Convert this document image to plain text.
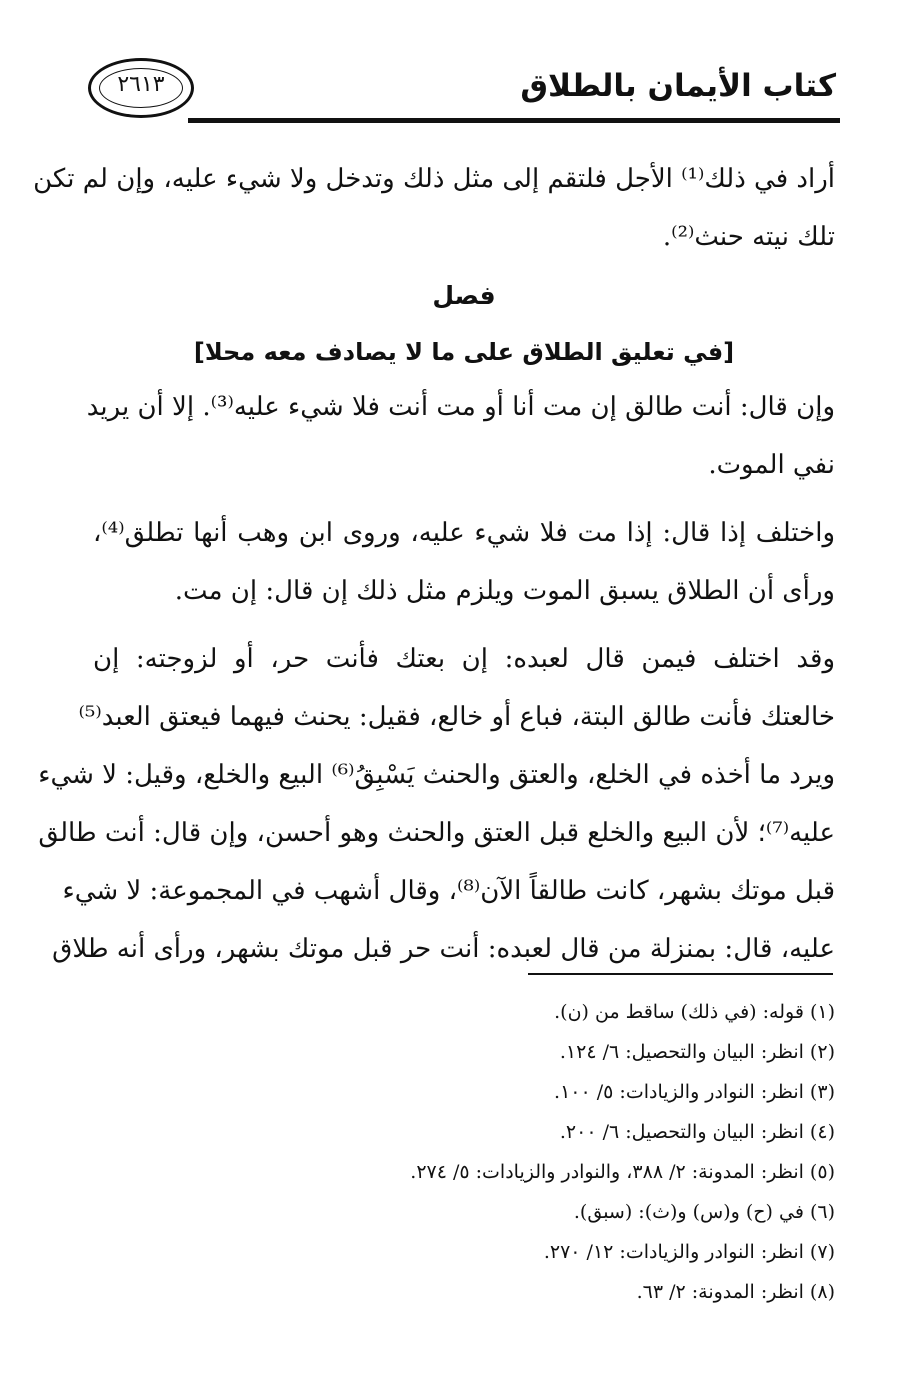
٢٦١٣	كتاب الأيمان بالطلاق
أراد في ذلك⁽¹⁾ الأجل فلتقم إلى مثل ذلك وتدخل ولا شيء عليه، وإن لم تكن
تلك نيته حنث⁽²⁾.
فصل
[في تعليق الطلاق على ما لا يصادف معه محلا]
وإن قال: أنت طالق إن مت أنا أو مت أنت فلا شيء عليه⁽³⁾. إلا أن يريد
نفي الموت.
واختلف إذا قال: إذا مت فلا شيء عليه، وروى ابن وهب أنها تطلق⁽⁴⁾،
ورأى أن الطلاق يسبق الموت ويلزم مثل ذلك إن قال: إن مت.
وقد اختلف فيمن قال لعبده: إن بعتك فأنت حر، أو لزوجته: إن
خالعتك فأنت طالق البتة، فباع أو خالع، فقيل: يحنث فيهما فيعتق العبد⁽⁵⁾
ويرد ما أخذه في الخلع، والعتق والحنث يَسْبِقُ⁽⁶⁾ البيع والخلع، وقيل: لا شيء
عليه⁽⁷⁾؛ لأن البيع والخلع قبل العتق والحنث وهو أحسن، وإن قال: أنت طالق
قبل موتك بشهر، كانت طالقاً الآن⁽⁸⁾، وقال أشهب في المجموعة: لا شيء
عليه، قال: بمنزلة من قال لعبده: أنت حر قبل موتك بشهر، ورأى أنه طلاق
(١) قوله: (في ذلك) ساقط من (ن).
(٢) انظر: البيان والتحصيل: ٦/ ١٢٤.
(٣) انظر: النوادر والزيادات: ٥/ ١٠٠.
(٤) انظر: البيان والتحصيل: ٦/ ٢٠٠.
(٥) انظر: المدونة: ٢/ ٣٨٨، والنوادر والزيادات: ٥/ ٢٧٤.
(٦) في (ح) و(س) و(ث): (سبق).
(٧) انظر: النوادر والزيادات: ١٢/ ٢٧٠.
(٨) انظر: المدونة: ٢/ ٦٣.
